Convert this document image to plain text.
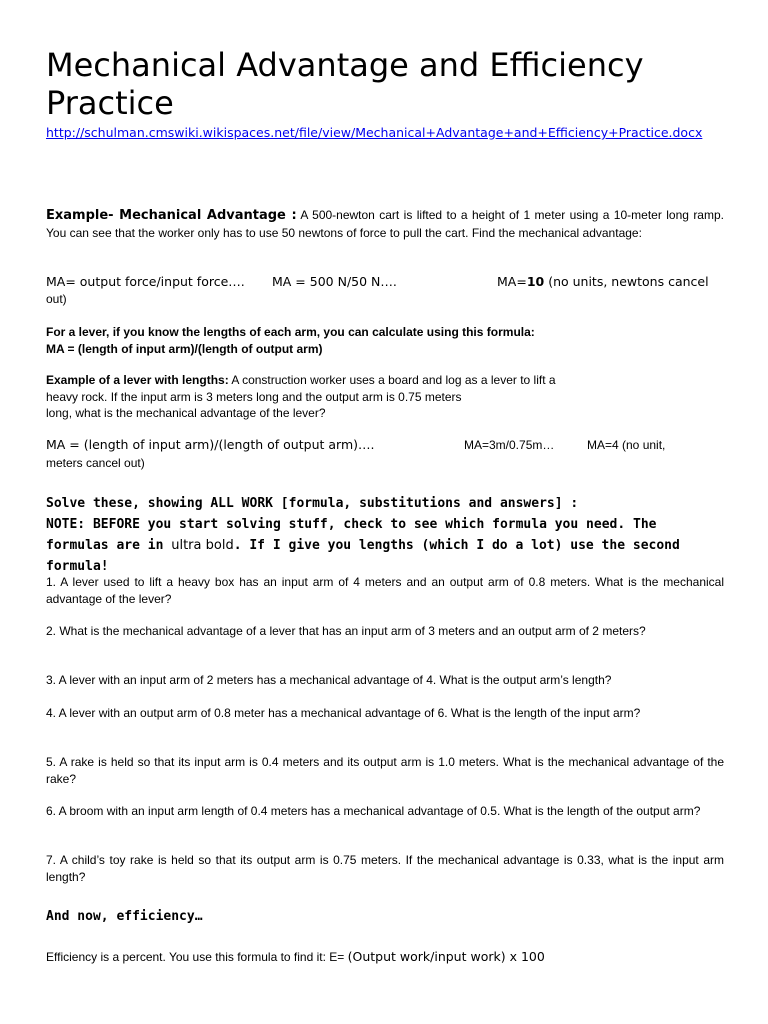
Mechanical Advantage and Efficiency Practice
http://schulman.cmswiki.wikispaces.net/file/view/Mechanical+Advantage+and+Efficiency+Practice.docx
Example- Mechanical Advantage : A 500-newton cart is lifted to a height of 1 meter using a 10-meter long ramp. You can see that the worker only has to use 50 newtons of force to pull the cart. Find the mechanical advantage:
MA= output force/input force…. MA = 500 N/50 N….	MA=10 (no units, newtons cancel
out)
For a lever, if you know the lengths of each arm, you can calculate using this formula:
MA = (length of input arm)/(length of output arm)
Example of a lever with lengths: A construction worker uses a board and log as a lever to lift a
heavy rock. If the input arm is 3 meters long and the output arm is 0.75 meters
long, what is the mechanical advantage of the lever?
MA = (length of input arm)/(length of output arm)….	MA=3m/0.75m…	MA=4 (no unit,
meters cancel out)
Solve these, showing ALL WORK [formula, substitutions and answers] :
NOTE: BEFORE you start solving stuff, check to see which formula you need. The
formulas are in ultra bold. If I give you lengths (which I do a lot) use the second formula!
1. A lever used to lift a heavy box has an input arm of 4 meters and an output arm of 0.8 meters. What is the mechanical advantage of the lever?
2. What is the mechanical advantage of a lever that has an input arm of 3 meters and an output arm of 2 meters?
3. A lever with an input arm of 2 meters has a mechanical advantage of 4. What is the output arm’s length?
4. A lever with an output arm of 0.8 meter has a mechanical advantage of 6. What is the length of the input arm?
5. A rake is held so that its input arm is 0.4 meters and its output arm is 1.0 meters. What is the mechanical advantage of the rake?
6. A broom with an input arm length of 0.4 meters has a mechanical advantage of 0.5. What is the length of the output arm?
7. A child’s toy rake is held so that its output arm is 0.75 meters. If the mechanical advantage is 0.33, what is the input arm length?
And now, efficiency…
Efficiency is a percent. You use this formula to find it: E= (Output work/input work) x 100
